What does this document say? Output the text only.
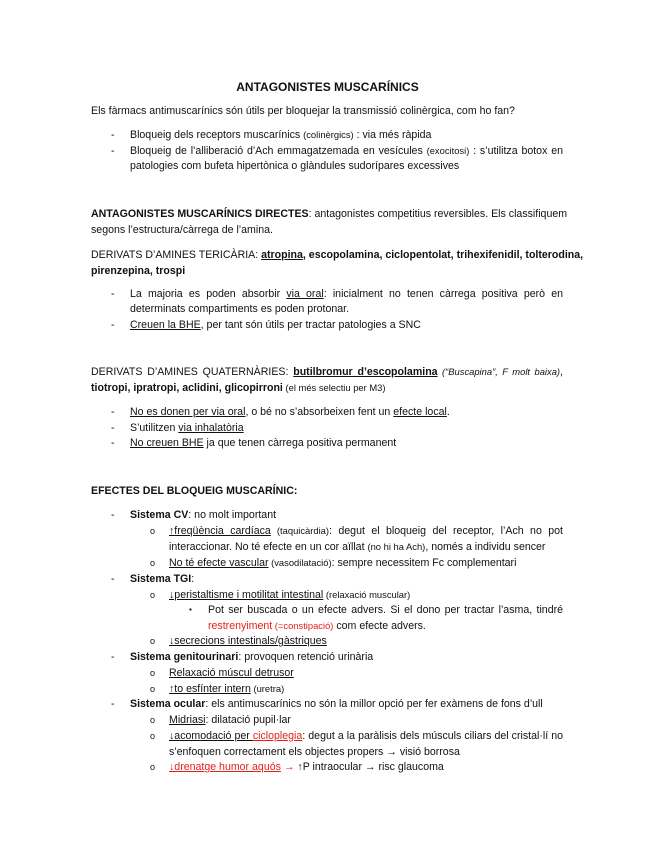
ANTAGONISTES MUSCARÍNICS
Els fàrmacs antimuscarínics són útils per bloquejar la transmissió colinèrgica, com ho fan?
-	Bloqueig dels receptors muscarínics (colinèrgics) : via més ràpida
-	Bloqueig de l’alliberació d’Ach emmagatzemada en vesícules (exocitosi) : s’utilitza botox en
patologies com bufeta hipertònica o glàndules sudorípares excessives
ANTAGONISTES MUSCARÍNICS DIRECTES: antagonistes competitius reversibles. Els classifiquem
segons l’estructura/càrrega de l’amina.
DERIVATS D’AMINES TERICÀRIA: atropina, escopolamina, ciclopentolat, trihexifenidil, tolterodina,
pirenzepina, trospi
-	La majoria es poden absorbir via oral: inicialment no tenen càrrega positiva però en
determinats compartiments es poden protonar.
-	Creuen la BHE, per tant són útils per tractar patologies a SNC
DERIVATS D’AMINES QUATERNÀRIES: butilbromur d’escopolamina (“Buscapina”, F molt baixa),
tiotropi, ipratropi, aclidini, glicopirroni (el més selectiu per M3)
-	No es donen per via oral, o bé no s’absorbeixen fent un efecte local.
-	S’utilitzen via inhalatòria
-	No creuen BHE ja que tenen càrrega positiva permanent
EFECTES DEL BLOQUEIG MUSCARÍNIC:
-	Sistema CV: no molt important
o ↑freqüència cardíaca (taquicàrdia): degut el bloqueig del receptor, l’Ach no pot
interaccionar. No té efecte en un cor aïllat (no hi ha Ach), només a individu sencer
o No té efecte vascular (vasodilatació): sempre necessitem Fc complementari
-	Sistema TGI:
o ↓peristaltisme i motilitat intestinal (relaxació muscular)
▪ Pot ser buscada o un efecte advers. Si el dono per tractar l’asma, tindré
restrenyiment (=constipació) com efecte advers.
o ↓secrecions intestinals/gàstriques
-	Sistema genitourinari: provoquen retenció urinària
o Relaxació múscul detrusor
o ↑to esfínter intern (uretra)
-	Sistema ocular: els antimuscarínics no són la millor opció per fer exàmens de fons d’ull
o Midriasi: dilatació pupil·lar
o ↓acomodació per cicloplegia: degut a la paràlisis dels músculs ciliars del cristal·lí no
s’enfoquen correctament els objectes propers → visió borrosa
o ↓drenatge humor aquós → ↑P intraocular → risc glaucoma
